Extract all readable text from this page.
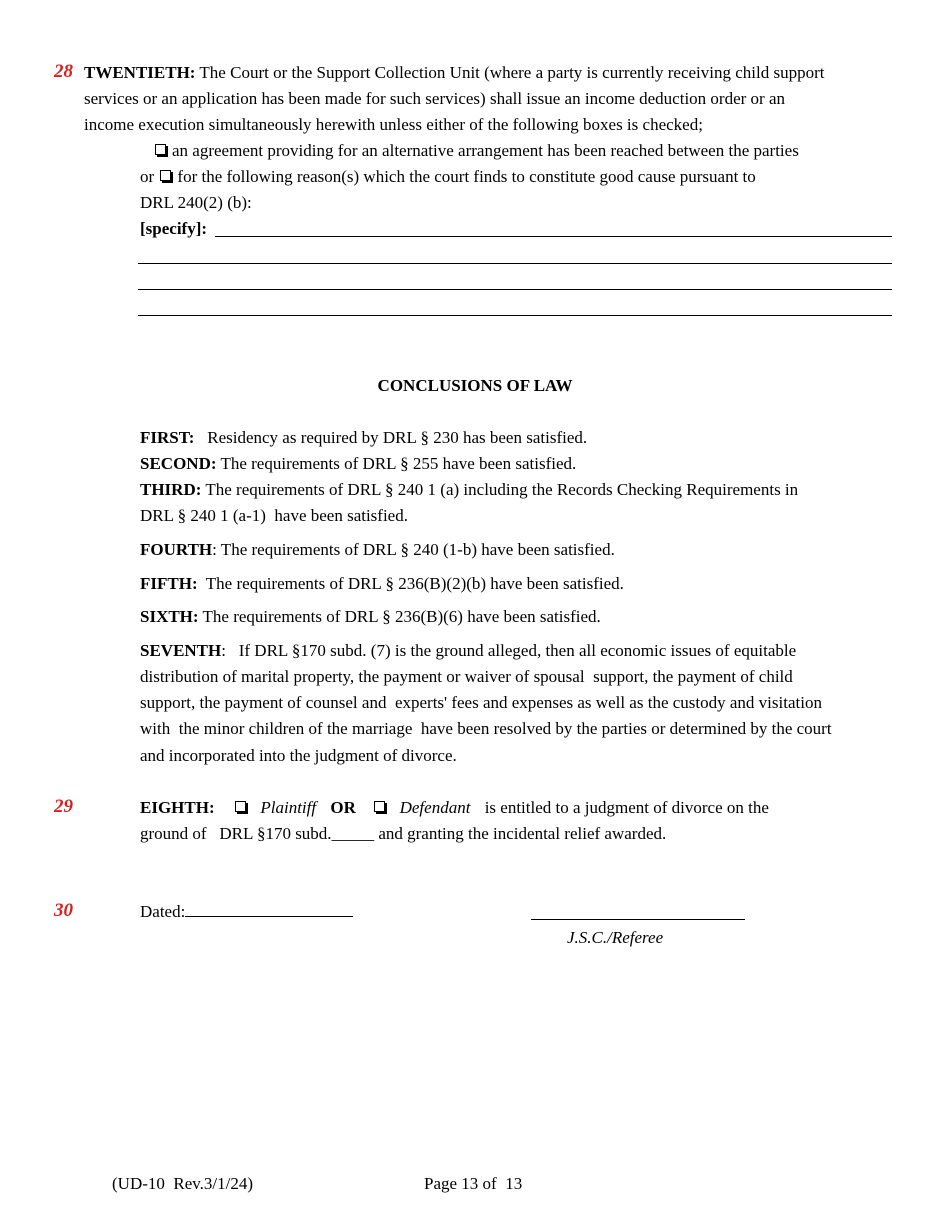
28 TWENTIETH: The Court or the Support Collection Unit (where a party is currently receiving child support
services or an application has been made for such services) shall issue an income deduction order or an
income execution simultaneously herewith unless either of the following boxes is checked;
an agreement providing for an alternative arrangement has been reached between the parties
or for the following reason(s) which the court finds to constitute good cause pursuant to
DRL 240(2) (b):
[specify]:
CONCLUSIONS OF LAW
FIRST:   Residency as required by DRL § 230 has been satisfied.
SECOND: The requirements of DRL § 255 have been satisfied.
THIRD: The requirements of DRL § 240 1 (a) including the Records Checking Requirements in
DRL § 240 1 (a-1)  have been satisfied.
FOURTH: The requirements of DRL § 240 (1-b) have been satisfied.
FIFTH:  The requirements of DRL § 236(B)(2)(b) have been satisfied.
SIXTH: The requirements of DRL § 236(B)(6) have been satisfied.
SEVENTH:   If DRL §170 subd. (7) is the ground alleged, then all economic issues of equitable
distribution of marital property, the payment or waiver of spousal  support, the payment of child
support, the payment of counsel and  experts' fees and expenses as well as the custody and visitation
with  the minor children of the marriage  have been resolved by the parties or determined by the court
and incorporated into the judgment of divorce.
29	EIGHTH:	Plaintiff OR	Defendant is entitled to a judgment of divorce on the
ground of   DRL §170 subd._____ and granting the incidental relief awarded.
30	Dated:
J.S.C./Referee
(UD-10  Rev.3/1/24)	Page 13 of  13
